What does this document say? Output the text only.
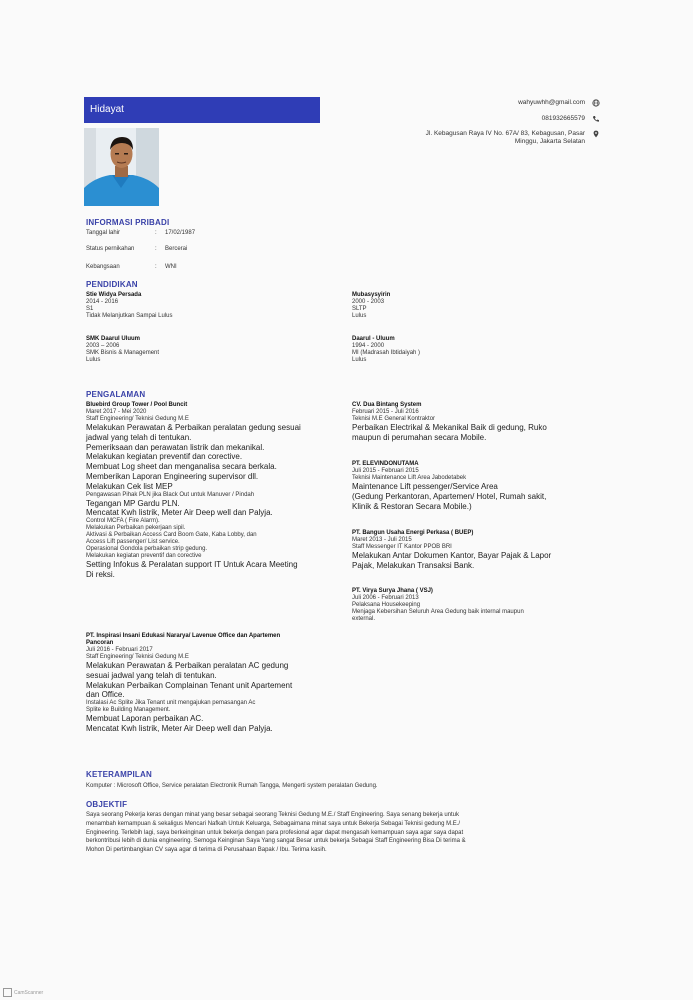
Hidayat
wahyuwhh@gmail.com
081932665579
Jl. Kebagusan Raya IV No. 67A/ 83, Kebagusan, Pasar
Minggu, Jakarta Selatan
INFORMASI PRIBADI
Tanggal lahir	: 17/02/1987
Status pernikahan	: Bercerai
Kebangsaan	: WNI
PENDIDIKAN
Stie Widya Persada
2014 - 2016
S1
Tidak Melanjutkan Sampai Lulus
SMK Daarul Uluum
2003 – 2006
SMK Bisnis & Management
Lulus
Mubasysyirin
2000 - 2003
SLTP
Lulus
Daarul - Uluum
1994 - 2000
MI (Madrasah Ibtidaiyah )
Lulus
PENGALAMAN
Bluebird Group Tower / Pool Buncit
Maret 2017 - Mei 2020
Staff Engineering/ Teknisi Gedung M.E
Melakukan Perawatan & Perbaikan peralatan gedung sesuai
jadwal yang telah di tentukan.
Pemeriksaan dan perawatan listrik dan mekanikal.
Melakukan kegiatan preventif dan corective.
Membuat Log sheet dan menganalisa secara berkala.
Memberikan Laporan Engineering supervisor dll.
Melakukan Cek list MEP
Pengawasan Pihak PLN jika Black Out untuk Manuver / Pindah
Tegangan MP Gardu PLN.
Mencatat Kwh listrik, Meter Air Deep well dan Palyja.
Control MCFA ( Fire Alarm).
Melakukan Perbaikan pekerjaan sipil.
Aktivasi & Perbaikan Access Card Boom Gate, Kaba Lobby, dan
Access Lift passenger/ List service.
Operasional Gondola perbaikan strip gedung.
Melakukan kegiatan preventif dan corective
Setting Infokus & Peralatan support IT Untuk Acara Meeting
Di reksi.
PT. Inspirasi Insani Edukasi Nararya/ Lavenue Office dan Apartemen
Pancoran
Juli 2016 - Februari 2017
Staff Engineering/ Teknisi Gedung M.E
Melakukan Perawatan & Perbaikan peralatan AC gedung
sesuai jadwal yang telah di tentukan.
Melakukan Perbaikan Complainan Tenant unit Apartement
dan Office.
Instalasi Ac Splite Jika Tenant unit mengajukan pemasangan Ac
Splite ke Building Management.
Membuat Laporan perbaikan AC.
Mencatat Kwh listrik, Meter Air Deep well dan Palyja.
CV. Dua Bintang System
Februari 2015 - Juli 2016
Teknisi M.E General Kontraktor
Perbaikan Electrikal & Mekanikal Baik di gedung, Ruko
maupun di perumahan secara Mobile.
PT. ELEVINDONUTAMA
Juli 2015 - Februari 2015
Teknisi Maintenance Lift Area Jabodetabek
Maintenance Lift pessenger/Service Area
(Gedung Perkantoran, Apartemen/ Hotel, Rumah sakit,
Klinik & Restoran Secara Mobile.)
PT. Bangun Usaha Energi Perkasa ( BUEP)
Maret 2013 - Juli 2015
Staff Messenger IT Kantor PPOB BRI
Melakukan Antar Dokumen Kantor, Bayar Pajak & Lapor
Pajak, Melakukan Transaksi Bank.
PT. Virya Surya Jhana ( VSJ)
Juli 2006 - Februari 2013
Pelaksana Housekeeping
Menjaga Kebersihan Seluruh Area Gedung baik internal maupun
external.
KETERAMPILAN
Komputer : Microsoft Office, Service peralatan Electronik Rumah Tangga, Mengerti system peralatan Gedung.
OBJEKTIF
Saya seorang Pekerja keras dengan minat yang besar sebagai seorang Teknisi Gedung M.E./ Staff Engineering. Saya senang bekerja untuk
menambah kemampuan & sekaligus Mencari Nafkah Untuk Keluarga, Sebagaimana minat saya untuk Bekerja Sebagai Teknisi gedung M.E./
Engineering. Terlebih lagi, saya berkeinginan untuk bekerja dengan para profesional agar dapat mengasah kemampuan saya agar saya dapat
berkontribusi lebih di dunia engineering. Semoga Keinginan Saya Yang sangat Besar untuk bekerja Sebagai Staff Engineering Bisa Di terima &
Mohon Di pertimbangkan CV saya agar di terima di Perusahaan Bapak / Ibu. Terima kasih.
CamScanner
